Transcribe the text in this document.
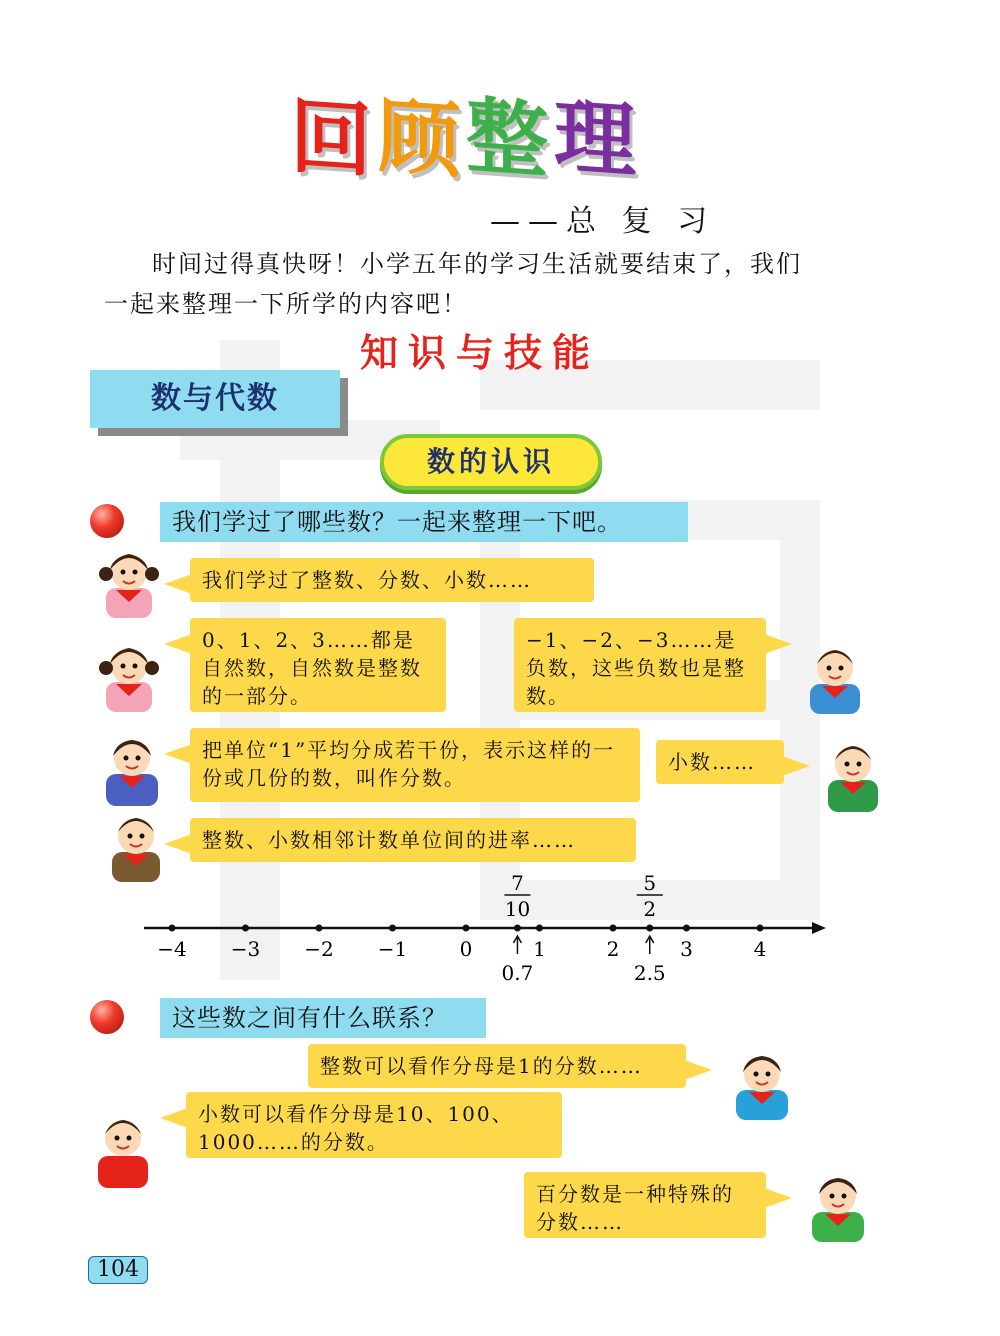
回 顾 整 理
——总 复 习

时间过得真快呀！小学五年的学习生活就要结束了，我们

一起来整理一下所学的内容吧！

知识与技能
数与代数
数的认识
我们学过了哪些数？一起来整理一下吧。
我们学过了整数、分数、小数……
0、1、2、3……都是自然数，自然数是整数的一部分。
−1、−2、−3……是负数，这些负数也是整数。
把单位“1”平均分成若干份，表示这样的一份或几份的数，叫作分数。
小数……
整数、小数相邻计数单位间的进率……
−4 −3 −2 −1	0	1	2	3	4
7
10
0.7
5
2
2.5
这些数之间有什么联系？
整数可以看作分母是1的分数……
小数可以看作分母是10、100、1000……的分数。
百分数是一种特殊的分数……
104
